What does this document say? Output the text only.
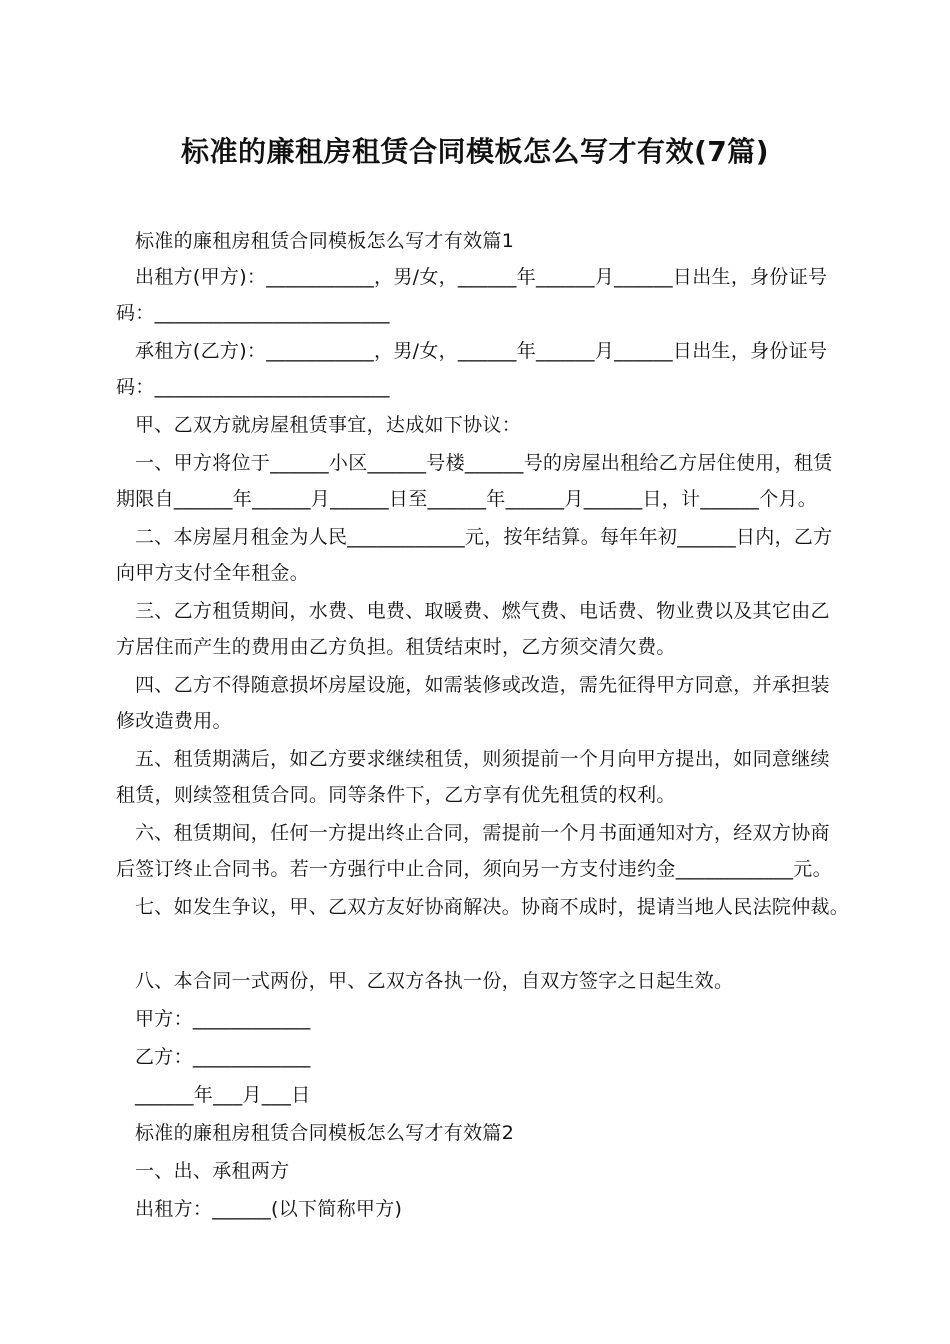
标准的廉租房租赁合同模板怎么写才有效(7篇)
标准的廉租房租赁合同模板怎么写才有效篇1
出租方(甲方)：___________，男/女，______年______月______日出生，身份证号
码：________________________
承租方(乙方)：___________，男/女，______年______月______日出生，身份证号
码：________________________
甲、乙双方就房屋租赁事宜，达成如下协议：
一、甲方将位于______小区______号楼______号的房屋出租给乙方居住使用，租赁
期限自______年______月______日至______年______月______日，计______个月。
二、本房屋月租金为人民____________元，按年结算。每年年初______日内，乙方
向甲方支付全年租金。
三、乙方租赁期间，水费、电费、取暖费、燃气费、电话费、物业费以及其它由乙
方居住而产生的费用由乙方负担。租赁结束时，乙方须交清欠费。
四、乙方不得随意损坏房屋设施，如需装修或改造，需先征得甲方同意，并承担装
修改造费用。
五、租赁期满后，如乙方要求继续租赁，则须提前一个月向甲方提出，如同意继续
租赁，则续签租赁合同。同等条件下，乙方享有优先租赁的权利。
六、租赁期间，任何一方提出终止合同，需提前一个月书面通知对方，经双方协商
后签订终止合同书。若一方强行中止合同，须向另一方支付违约金____________元。
七、如发生争议，甲、乙双方友好协商解决。协商不成时，提请当地人民法院仲裁。
八、本合同一式两份，甲、乙双方各执一份，自双方签字之日起生效。
甲方：____________
乙方：____________
______年___月___日
标准的廉租房租赁合同模板怎么写才有效篇2
一、出、承租两方
出租方：______(以下简称甲方)
